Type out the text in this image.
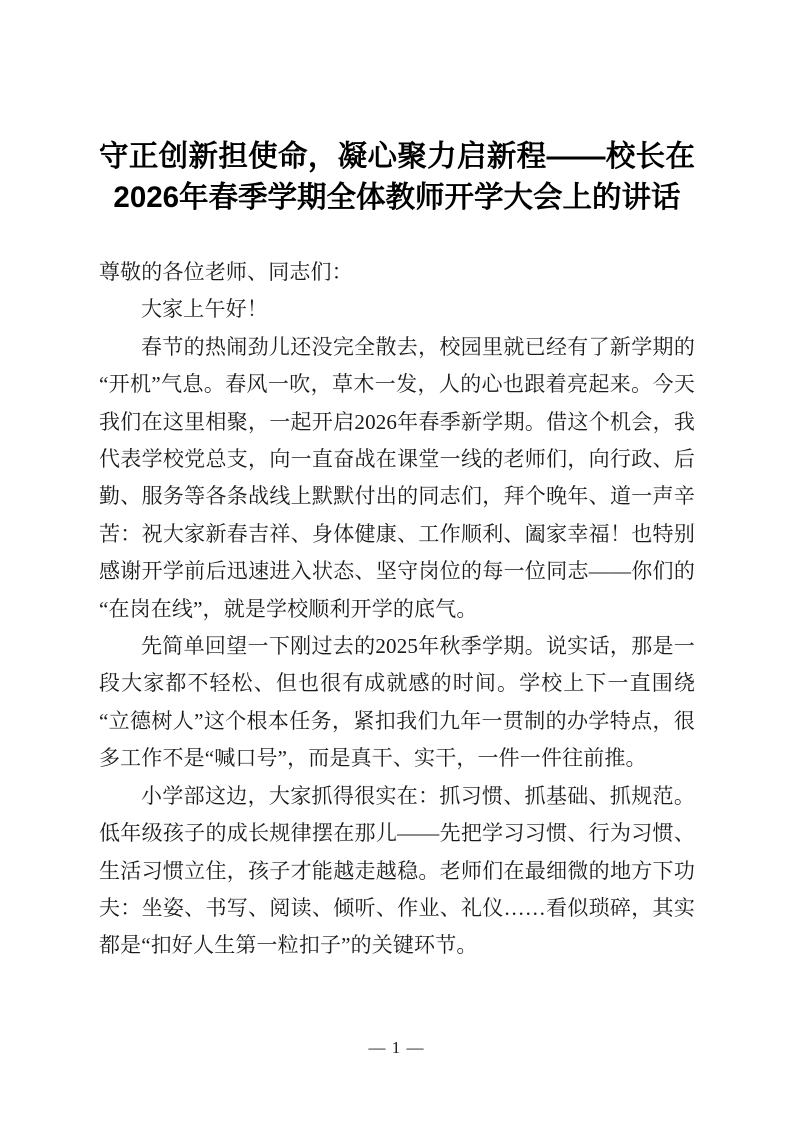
守正创新担使命，凝心聚力启新程——校长在2026年春季学期全体教师开学大会上的讲话

尊敬的各位老师、同志们：

大家上午好！

春节的热闹劲儿还没完全散去，校园里就已经有了新学期的“开机”气息。春风一吹，草木一发，人的心也跟着亮起来。今天我们在这里相聚，一起开启2026年春季新学期。借这个机会，我代表学校党总支，向一直奋战在课堂一线的老师们，向行政、后勤、服务等各条战线上默默付出的同志们，拜个晚年、道一声辛苦：祝大家新春吉祥、身体健康、工作顺利、阖家幸福！也特别感谢开学前后迅速进入状态、坚守岗位的每一位同志——你们的“在岗在线”，就是学校顺利开学的底气。

先简单回望一下刚过去的2025年秋季学期。说实话，那是一段大家都不轻松、但也很有成就感的时间。学校上下一直围绕“立德树人”这个根本任务，紧扣我们九年一贯制的办学特点，很多工作不是“喊口号”，而是真干、实干，一件一件往前推。

小学部这边，大家抓得很实在：抓习惯、抓基础、抓规范。低年级孩子的成长规律摆在那儿——先把学习习惯、行为习惯、生活习惯立住，孩子才能越走越稳。老师们在最细微的地方下功夫：坐姿、书写、阅读、倾听、作业、礼仪……看似琐碎，其实都是“扣好人生第一粒扣子”的关键环节。

— 1 —
